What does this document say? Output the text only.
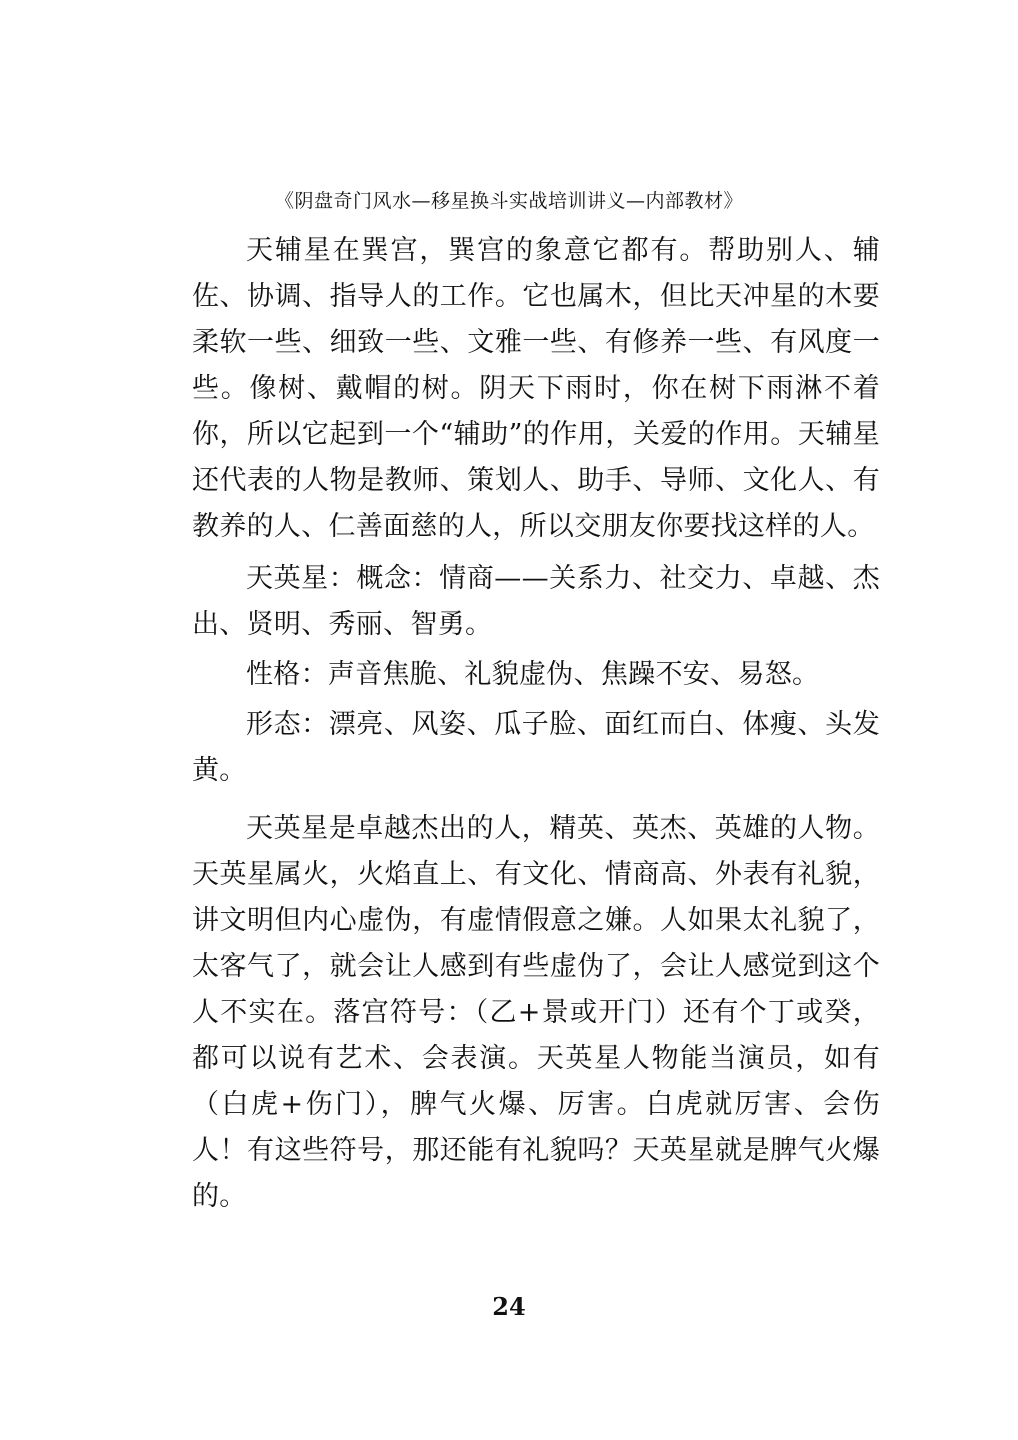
《阴盘奇门风水—移星换斗实战培训讲义—内部教材》

天辅星在巽宫，巽宫的象意它都有。帮助别人、辅佐、协调、指导人的工作。它也属木，但比天冲星的木要柔软一些、细致一些、文雅一些、有修养一些、有风度一些。像树、戴帽的树。阴天下雨时，你在树下雨淋不着你，所以它起到一个“辅助”的作用，关爱的作用。天辅星还代表的人物是教师、策划人、助手、导师、文化人、有教养的人、仁善面慈的人，所以交朋友你要找这样的人。

天英星：概念：情商——关系力、社交力、卓越、杰出、贤明、秀丽、智勇。

性格：声音焦脆、礼貌虚伪、焦躁不安、易怒。

形态：漂亮、风姿、瓜子脸、面红而白、体瘦、头发黄。

天英星是卓越杰出的人，精英、英杰、英雄的人物。天英星属火，火焰直上、有文化、情商高、外表有礼貌，讲文明但内心虚伪，有虚情假意之嫌。人如果太礼貌了，太客气了，就会让人感到有些虚伪了，会让人感觉到这个人不实在。落宫符号：（乙+景或开门）还有个丁或癸，都可以说有艺术、会表演。天英星人物能当演员，如有（白虎+伤门），脾气火爆、厉害。白虎就厉害、会伤人！有这些符号，那还能有礼貌吗？天英星就是脾气火爆的。

24
